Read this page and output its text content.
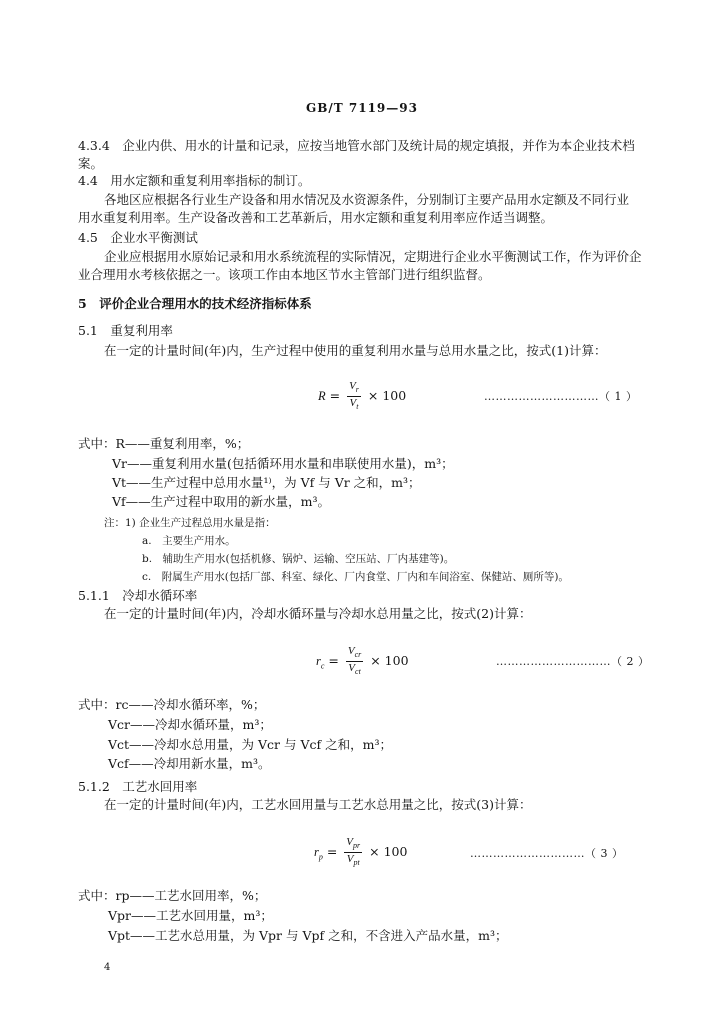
GB/T 7119—93
4.3.4　企业内供、用水的计量和记录，应按当地管水部门及统计局的规定填报，并作为本企业技术档
案。
4.4　用水定额和重复利用率指标的制订。
各地区应根据各行业生产设备和用水情况及水资源条件，分别制订主要产品用水定额及不同行业
用水重复利用率。生产设备改善和工艺革新后，用水定额和重复利用率应作适当调整。
4.5　企业水平衡测试
企业应根据用水原始记录和用水系统流程的实际情况，定期进行企业水平衡测试工作，作为评价企
业合理用水考核依据之一。该项工作由本地区节水主管部门进行组织监督。
5　评价企业合理用水的技术经济指标体系
5.1　重复利用率
在一定的计量时间(年)内，生产过程中使用的重复利用水量与总用水量之比，按式(1)计算：
$R = \frac{V_r}{V_t} \times 100$	…………………………（ 1 ）
式中：R——重复利用率，%；
Vr——重复利用水量(包括循环用水量和串联使用水量)，m³；
Vt——生产过程中总用水量¹⁾，为 Vf 与 Vr 之和，m³；
Vf——生产过程中取用的新水量，m³。
注：1) 企业生产过程总用水量是指：
a.　主要生产用水。
b.　辅助生产用水(包括机修、锅炉、运输、空压站、厂内基建等)。
c.　附属生产用水(包括厂部、科室、绿化、厂内食堂、厂内和车间浴室、保健站、厕所等)。
5.1.1　冷却水循环率
在一定的计量时间(年)内，冷却水循环量与冷却水总用量之比，按式(2)计算：
$r_c = \frac{V_{cr}}{V_{ct}} \times 100$	…………………………（ 2 ）
式中：rc——冷却水循环率，%；
Vcr——冷却水循环量，m³；
Vct——冷却水总用量，为 Vcr 与 Vcf 之和，m³；
Vcf——冷却用新水量，m³。
5.1.2　工艺水回用率
在一定的计量时间(年)内，工艺水回用量与工艺水总用量之比，按式(3)计算：
$r_p = \frac{V_{pr}}{V_{pt}} \times 100$	…………………………（ 3 ）
式中：rp——工艺水回用率，%；
Vpr——工艺水回用量，m³；
Vpt——工艺水总用量，为 Vpr 与 Vpf 之和，不含进入产品水量，m³；
4
